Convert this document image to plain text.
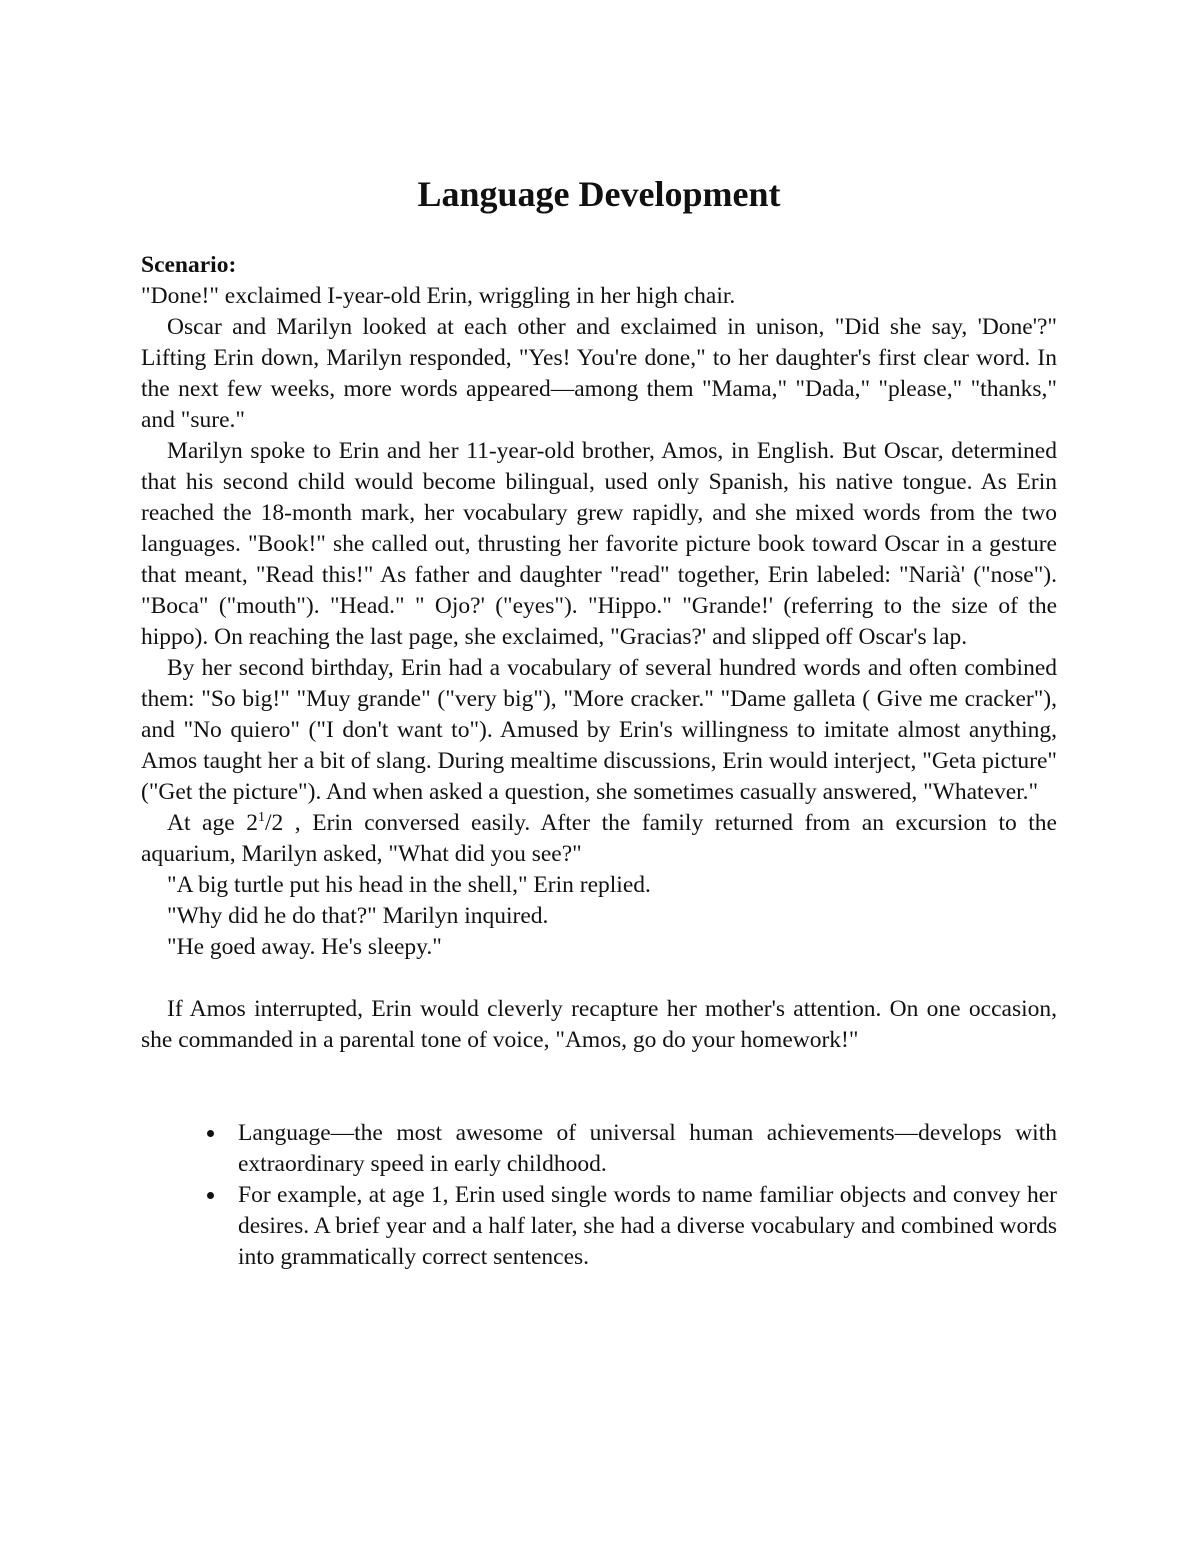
Language Development

Scenario:

"Done!" exclaimed I-year-old Erin, wriggling in her high chair.

Oscar and Marilyn looked at each other and exclaimed in unison, "Did she say, 'Done'?" Lifting Erin down, Marilyn responded, "Yes! You're done," to her daughter's first clear word. In the next few weeks, more words appeared—among them "Mama," "Dada," "please," "thanks," and "sure."

Marilyn spoke to Erin and her 11-year-old brother, Amos, in English. But Oscar, determined that his second child would become bilingual, used only Spanish, his native tongue. As Erin reached the 18-month mark, her vocabulary grew rapidly, and she mixed words from the two languages. "Book!" she called out, thrusting her favorite picture book toward Oscar in a gesture that meant, "Read this!" As father and daughter "read" together, Erin labeled: "Narià' ("nose"). "Boca" ("mouth"). "Head." " Ojo?' ("eyes"). "Hippo." "Grande!' (referring to the size of the hippo). On reaching the last page, she exclaimed, "Gracias?' and slipped off Oscar's lap.

By her second birthday, Erin had a vocabulary of several hundred words and often combined them: "So big!" "Muy grande" ("very big"), "More cracker." "Dame galleta ( Give me cracker"), and "No quiero" ("I don't want to"). Amused by Erin's willingness to imitate almost anything, Amos taught her a bit of slang. During mealtime discussions, Erin would interject, "Geta picture" ("Get the picture"). And when asked a question, she sometimes casually answered, "Whatever."

At age $2^1/2$ , Erin conversed easily. After the family returned from an excursion to the aquarium, Marilyn asked, "What did you see?"

"A big turtle put his head in the shell," Erin replied.

"Why did he do that?" Marilyn inquired.

"He goed away. He's sleepy."

If Amos interrupted, Erin would cleverly recapture her mother's attention. On one occasion, she commanded in a parental tone of voice, "Amos, go do your homework!"

Language—the most awesome of universal human achievements—develops with extraordinary speed in early childhood.
For example, at age 1, Erin used single words to name familiar objects and convey her desires. A brief year and a half later, she had a diverse vocabulary and combined words into grammatically correct sentences.
